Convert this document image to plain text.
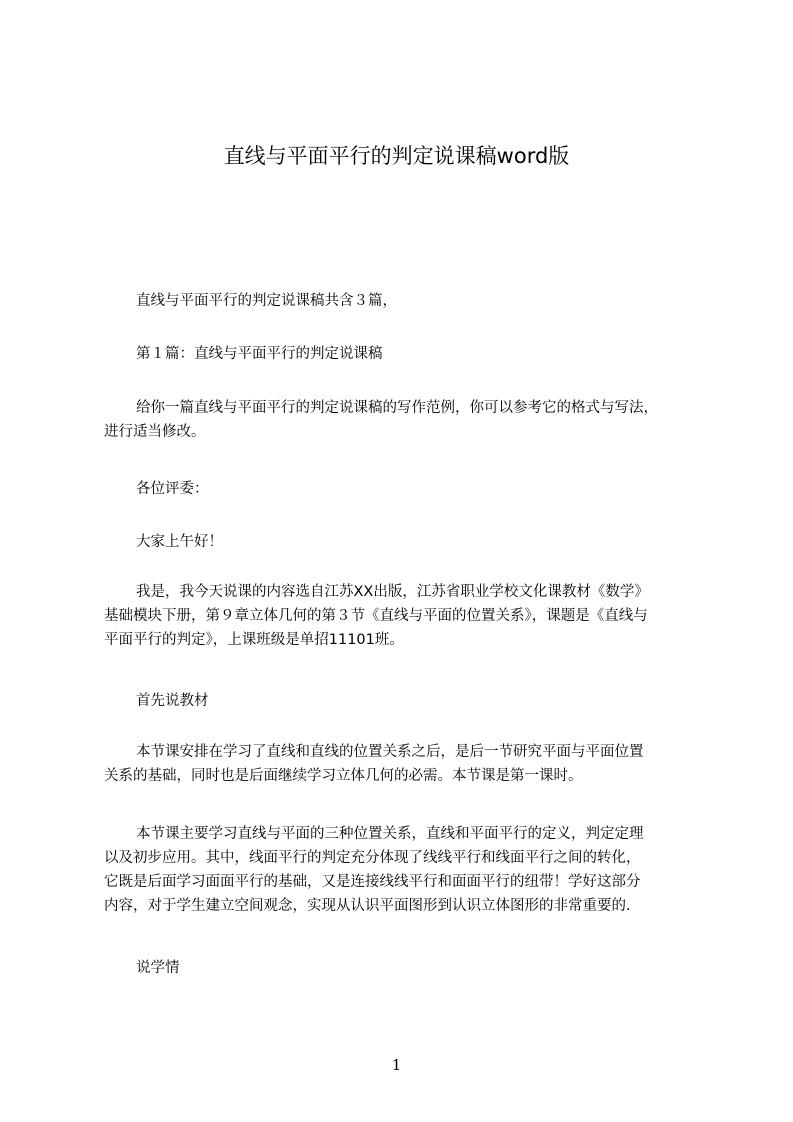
直线与平面平行的判定说课稿word版

直线与平面平行的判定说课稿共含３篇，

第１篇：直线与平面平行的判定说课稿

给你一篇直线与平面平行的判定说课稿的写作范例，你可以参考它的格式与写法，
进行适当修改。

各位评委：

大家上午好！

我是，我今天说课的内容选自江苏XX出版，江苏省职业学校文化课教材《数学》
基础模块下册，第９章立体几何的第３节《直线与平面的位置关系》，课题是《直线与
平面平行的判定》，上课班级是单招11101班。

首先说教材

本节课安排在学习了直线和直线的位置关系之后，是后一节研究平面与平面位置
关系的基础，同时也是后面继续学习立体几何的必需。本节课是第一课时。

本节课主要学习直线与平面的三种位置关系，直线和平面平行的定义，判定定理
以及初步应用。其中，线面平行的判定充分体现了线线平行和线面平行之间的转化，
它既是后面学习面面平行的基础，又是连接线线平行和面面平行的纽带！学好这部分
内容，对于学生建立空间观念，实现从认识平面图形到认识立体图形的非常重要的.

说学情

1
